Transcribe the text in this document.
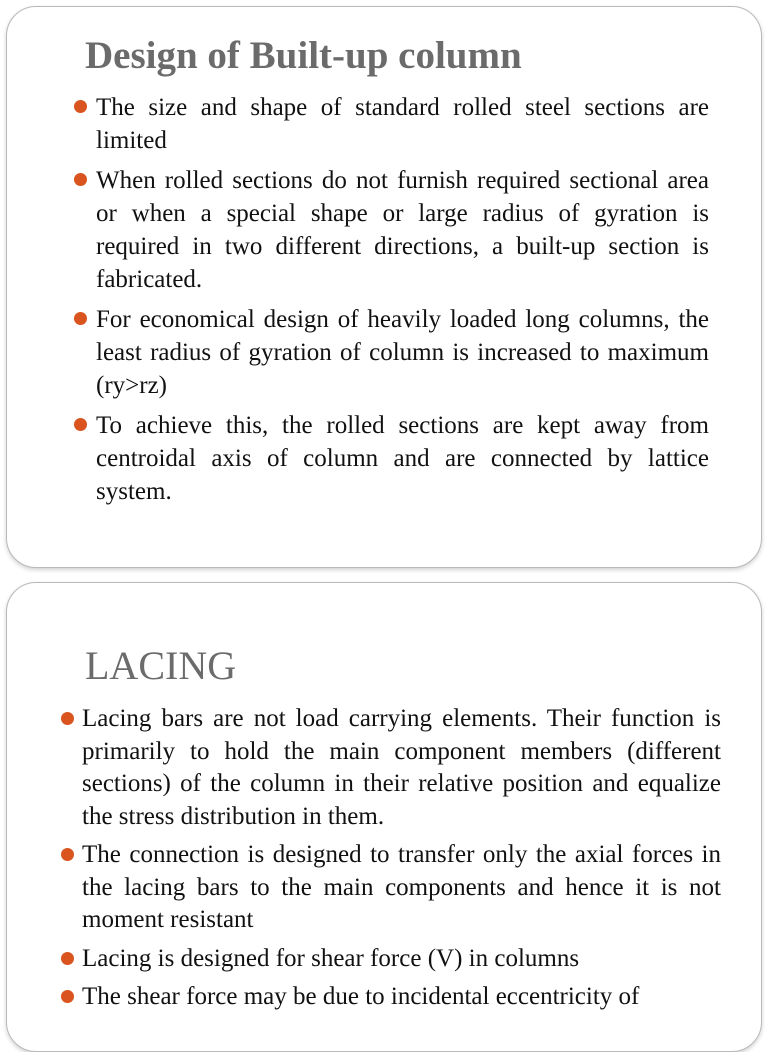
Design of Built-up column
The size and shape of standard rolled steel sections are limited
When rolled sections do not furnish required sectional area or when a special shape or large radius of gyration is required in two different directions, a built-up section is fabricated.
For economical design of heavily loaded long columns, the least radius of gyration of column is increased to maximum (ry>rz)
To achieve this, the rolled sections are kept away from centroidal axis of column and are connected by lattice system.
LACING
Lacing bars are not load carrying elements. Their function is primarily to hold the main component members (different sections) of the column in their relative position and equalize the stress distribution in them.
The connection is designed to transfer only the axial forces in the lacing bars to the main components and hence it is not moment resistant
Lacing is designed for shear force (V) in columns
The shear force may be due to incidental eccentricity of
